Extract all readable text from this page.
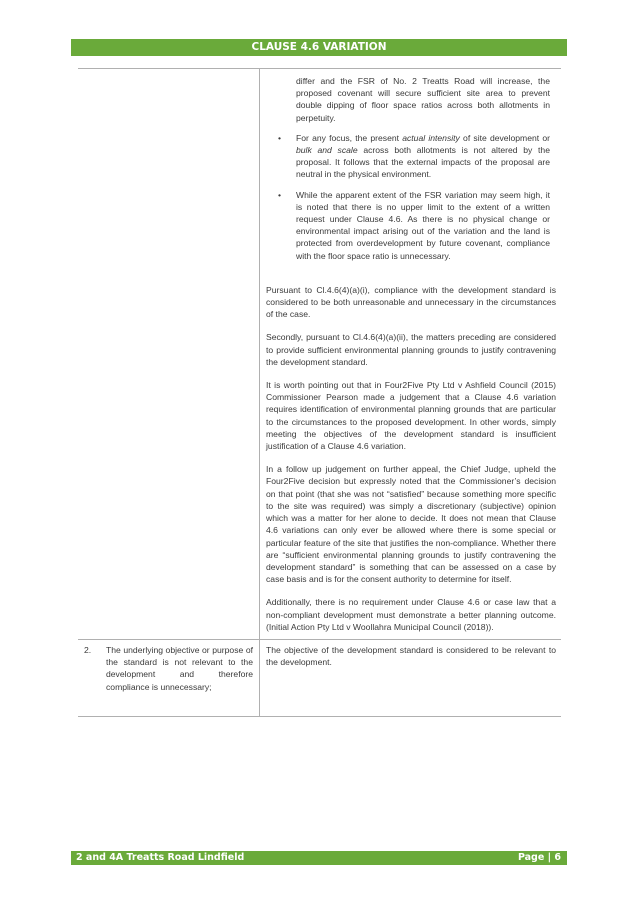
CLAUSE 4.6 VARIATION
differ and the FSR of No. 2 Treatts Road will increase, the proposed covenant will secure sufficient site area to prevent double dipping of floor space ratios across both allotments in perpetuity.
• For any focus, the present actual intensity of site development or bulk and scale across both allotments is not altered by the proposal. It follows that the external impacts of the proposal are neutral in the physical environment.
• While the apparent extent of the FSR variation may seem high, it is noted that there is no upper limit to the extent of a written request under Clause 4.6. As there is no physical change or environmental impact arising out of the variation and the land is protected from overdevelopment by future covenant, compliance with the floor space ratio is unnecessary.

Pursuant to Cl.4.6(4)(a)(i), compliance with the development standard is considered to be both unreasonable and unnecessary in the circumstances of the case.

Secondly, pursuant to Cl.4.6(4)(a)(ii), the matters preceding are considered to provide sufficient environmental planning grounds to justify contravening the development standard.

It is worth pointing out that in Four2Five Pty Ltd v Ashfield Council (2015) Commissioner Pearson made a judgement that a Clause 4.6 variation requires identification of environmental planning grounds that are particular to the circumstances to the proposed development. In other words, simply meeting the objectives of the development standard is insufficient justification of a Clause 4.6 variation.

In a follow up judgement on further appeal, the Chief Judge, upheld the Four2Five decision but expressly noted that the Commissioner’s decision on that point (that she was not “satisfied” because something more specific to the site was required) was simply a discretionary (subjective) opinion which was a matter for her alone to decide. It does not mean that Clause 4.6 variations can only ever be allowed where there is some special or particular feature of the site that justifies the non-compliance. Whether there are “sufficient environmental planning grounds to justify contravening the development standard” is something that can be assessed on a case by case basis and is for the consent authority to determine for itself.

Additionally, there is no requirement under Clause 4.6 or case law that a non-compliant development must demonstrate a better planning outcome. (Initial Action Pty Ltd v Woollahra Municipal Council (2018)).

2.	The underlying objective or purpose of the standard is not relevant to the development and therefore compliance is unnecessary;

The objective of the development standard is considered to be relevant to the development.

2 and 4A Treatts Road Lindfield	Page | 6
